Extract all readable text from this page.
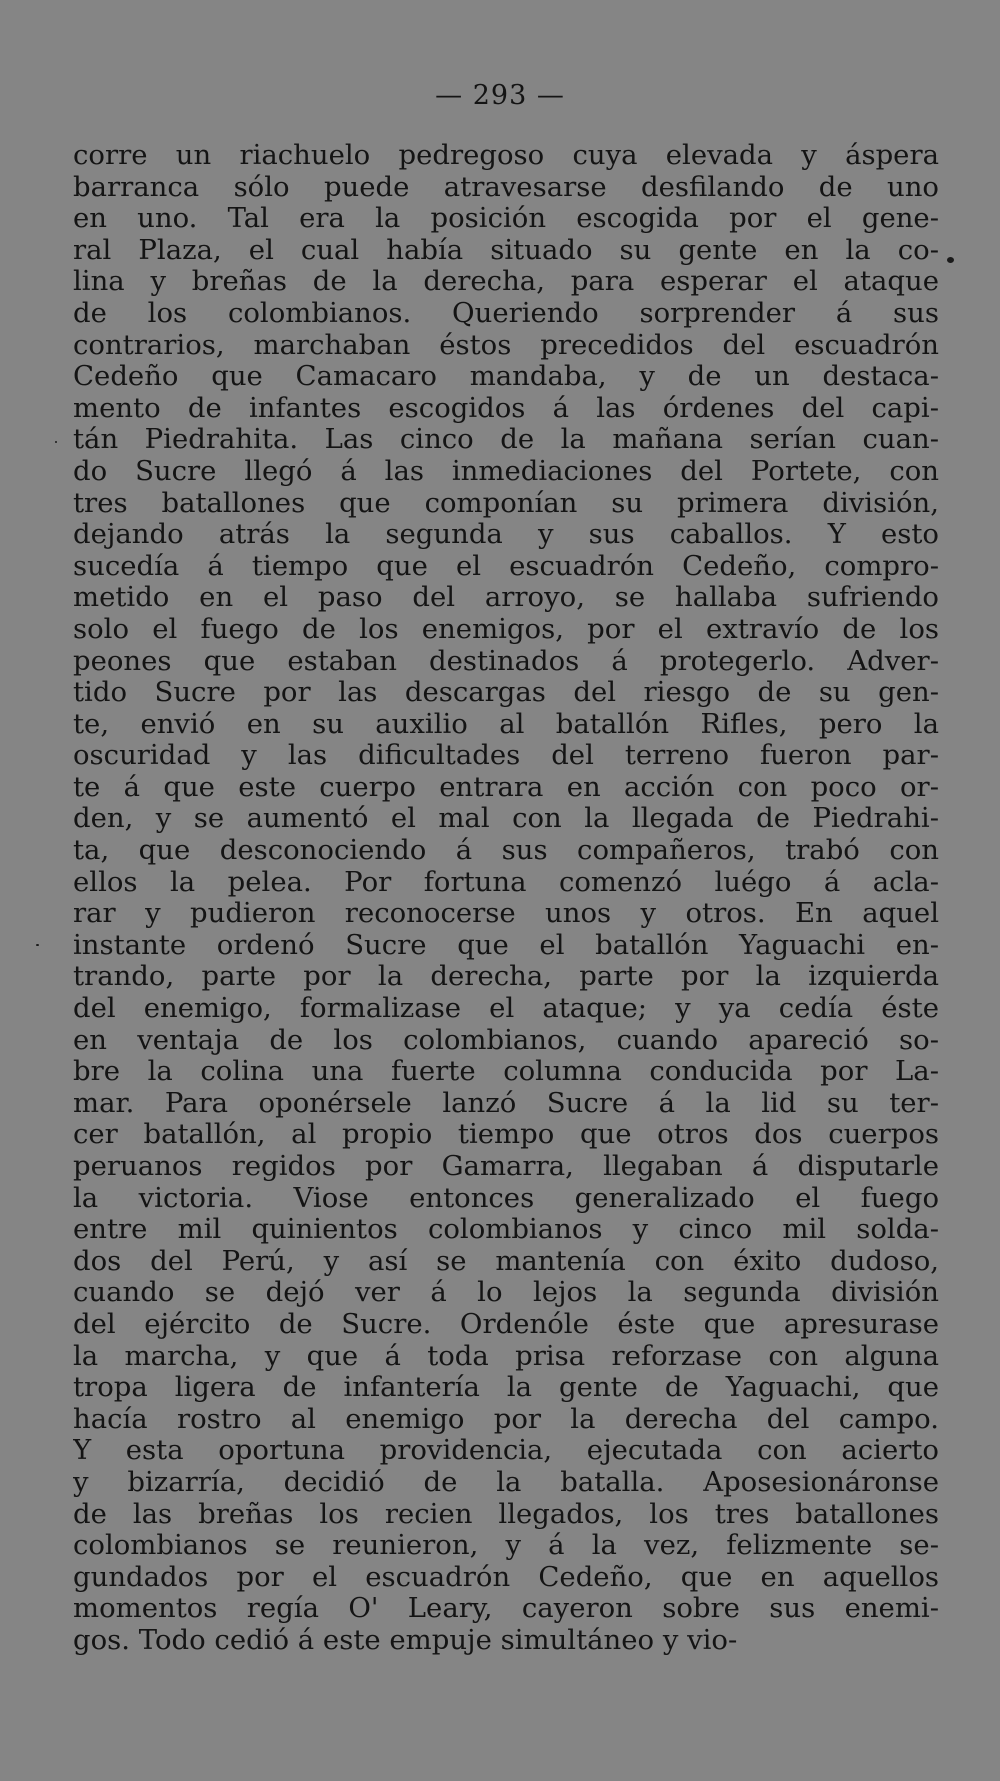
— 293 —
corre un riachuelo pedregoso cuya elevada y áspera
barranca sólo puede atravesarse desfilando de uno
en uno. Tal era la posición escogida por el gene-
ral Plaza, el cual había situado su gente en la co-
lina y breñas de la derecha, para esperar el ataque
de los colombianos. Queriendo sorprender á sus
contrarios, marchaban éstos precedidos del escuadrón
Cedeño que Camacaro mandaba, y de un destaca-
mento de infantes escogidos á las órdenes del capi-
tán Piedrahita. Las cinco de la mañana serían cuan-
do Sucre llegó á las inmediaciones del Portete, con
tres batallones que componían su primera división,
dejando atrás la segunda y sus caballos. Y esto
sucedía á tiempo que el escuadrón Cedeño, compro-
metido en el paso del arroyo, se hallaba sufriendo
solo el fuego de los enemigos, por el extravío de los
peones que estaban destinados á protegerlo. Adver-
tido Sucre por las descargas del riesgo de su gen-
te, envió en su auxilio al batallón Rifles, pero la
oscuridad y las dificultades del terreno fueron par-
te á que este cuerpo entrara en acción con poco or-
den, y se aumentó el mal con la llegada de Piedrahi-
ta, que desconociendo á sus compañeros, trabó con
ellos la pelea. Por fortuna comenzó luégo á acla-
rar y pudieron reconocerse unos y otros. En aquel
instante ordenó Sucre que el batallón Yaguachi en-
trando, parte por la derecha, parte por la izquierda
del enemigo, formalizase el ataque; y ya cedía éste
en ventaja de los colombianos, cuando apareció so-
bre la colina una fuerte columna conducida por La-
mar. Para oponérsele lanzó Sucre á la lid su ter-
cer batallón, al propio tiempo que otros dos cuerpos
peruanos regidos por Gamarra, llegaban á disputarle
la victoria. Viose entonces generalizado el fuego
entre mil quinientos colombianos y cinco mil solda-
dos del Perú, y así se mantenía con éxito dudoso,
cuando se dejó ver á lo lejos la segunda división
del ejército de Sucre. Ordenóle éste que apresurase
la marcha, y que á toda prisa reforzase con alguna
tropa ligera de infantería la gente de Yaguachi, que
hacía rostro al enemigo por la derecha del campo.
Y esta oportuna providencia, ejecutada con acierto
y bizarría, decidió de la batalla. Aposesionáronse
de las breñas los recien llegados, los tres batallones
colombianos se reunieron, y á la vez, felizmente se-
gundados por el escuadrón Cedeño, que en aquellos
momentos regía O' Leary, cayeron sobre sus enemi-
gos. Todo cedió á este empuje simultáneo y vio-
